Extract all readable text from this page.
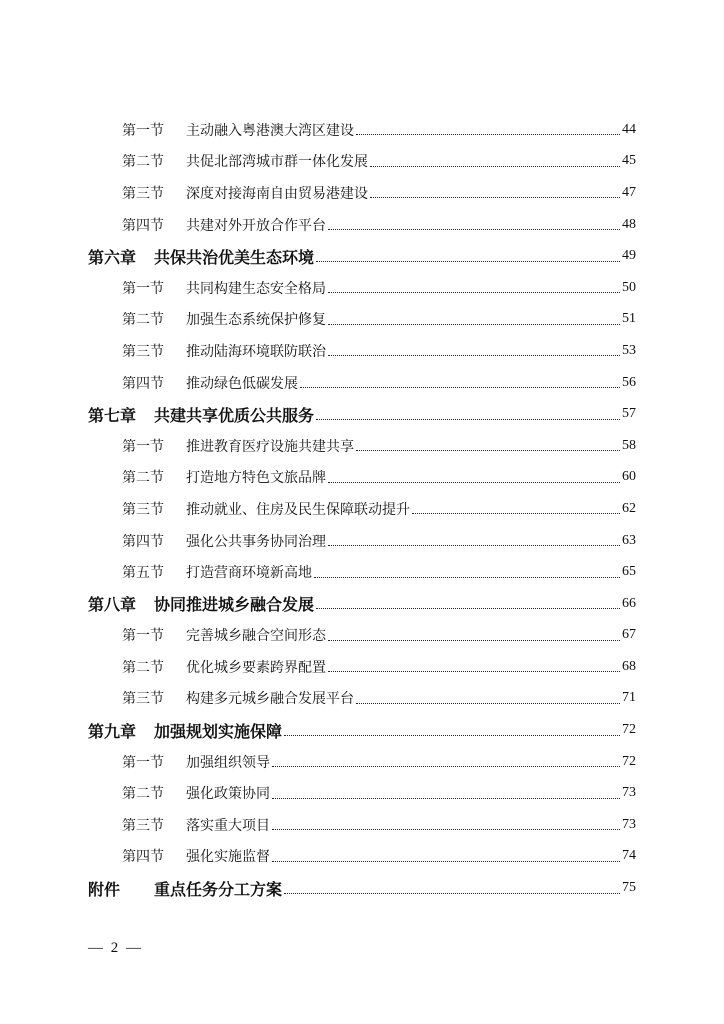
第一节	主动融入粤港澳大湾区建设	44
第二节	共促北部湾城市群一体化发展	45
第三节	深度对接海南自由贸易港建设	47
第四节	共建对外开放合作平台	48
第六章	共保共治优美生态环境	49
第一节	共同构建生态安全格局	50
第二节	加强生态系统保护修复	51
第三节	推动陆海环境联防联治	53
第四节	推动绿色低碳发展	56
第七章	共建共享优质公共服务	57
第一节	推进教育医疗设施共建共享	58
第二节	打造地方特色文旅品牌	60
第三节	推动就业、住房及民生保障联动提升	62
第四节	强化公共事务协同治理	63
第五节	打造营商环境新高地	65
第八章	协同推进城乡融合发展	66
第一节	完善城乡融合空间形态	67
第二节	优化城乡要素跨界配置	68
第三节	构建多元城乡融合发展平台	71
第九章	加强规划实施保障	72
第一节	加强组织领导	72
第二节	强化政策协同	73
第三节	落实重大项目	73
第四节	强化实施监督	74
附件	重点任务分工方案	75
— 2 —
